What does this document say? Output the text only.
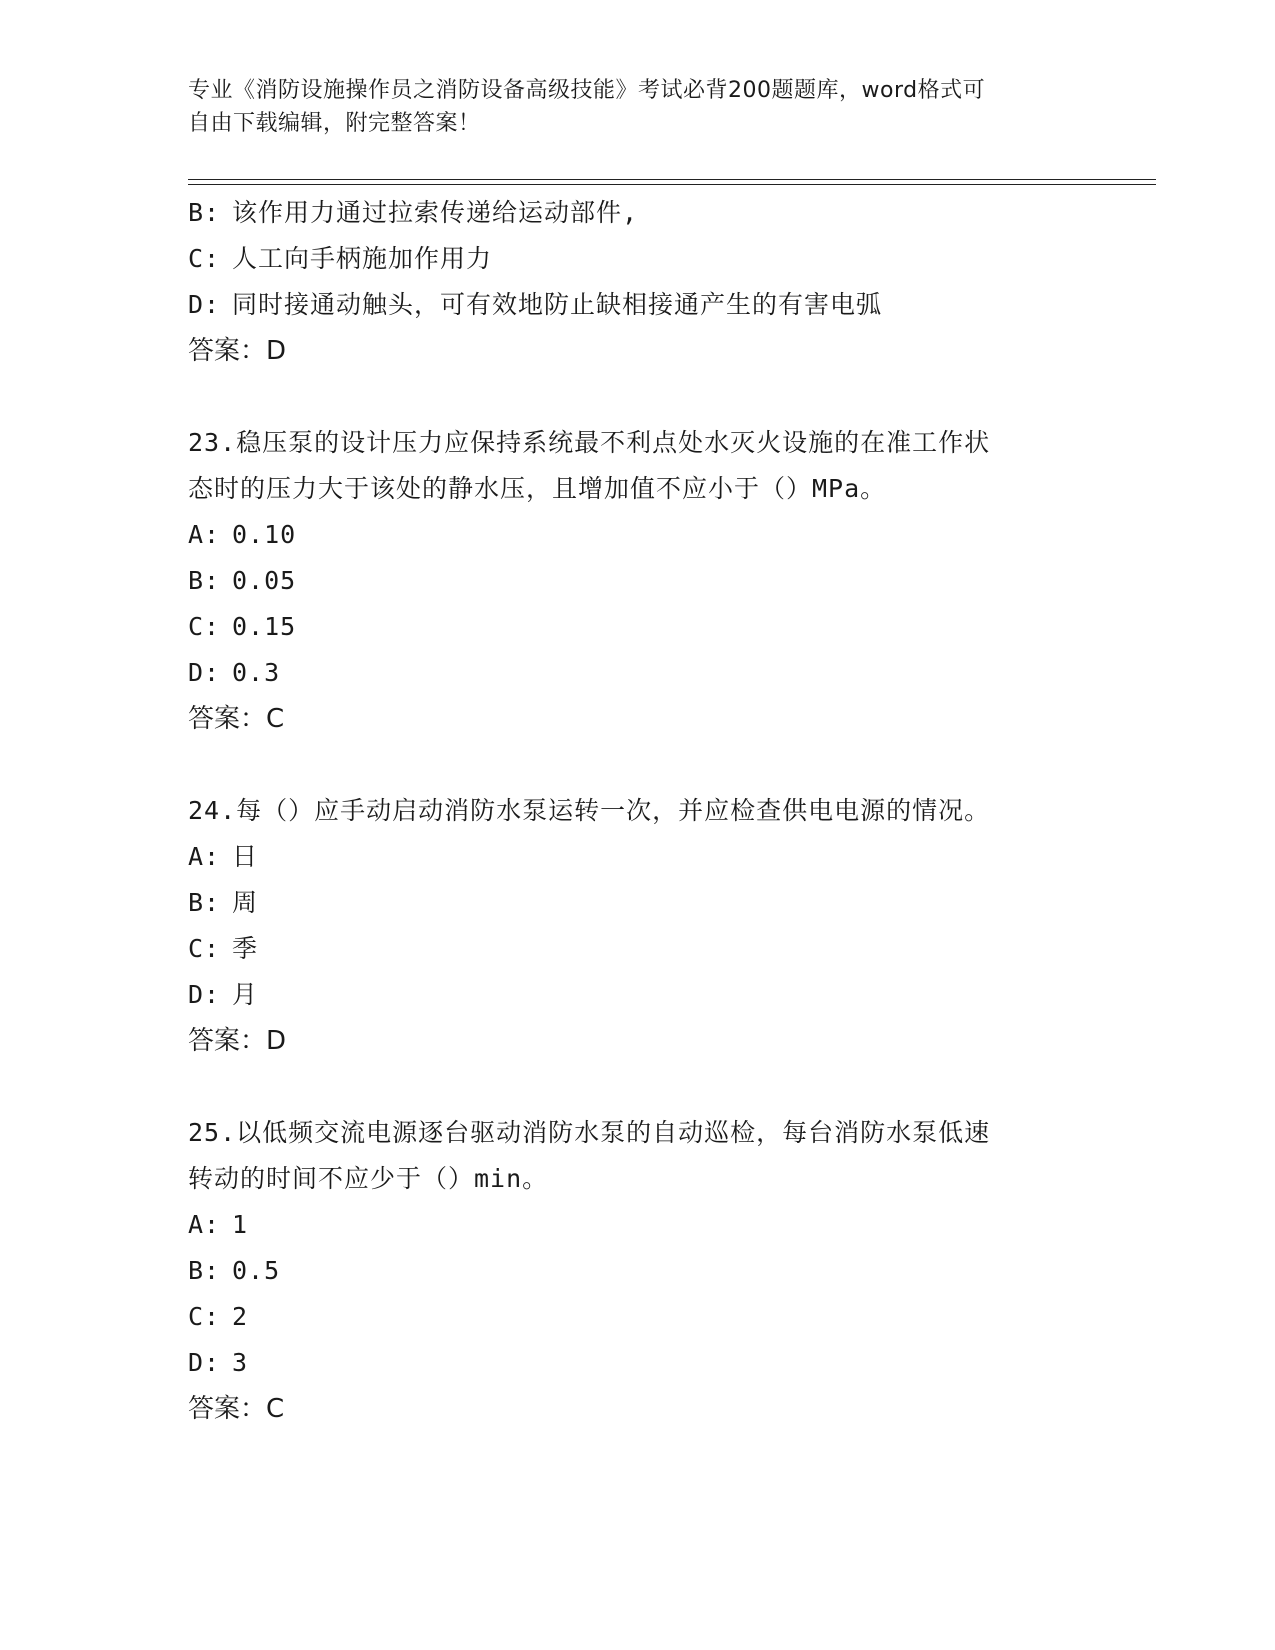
专业《消防设施操作员之消防设备高级技能》考试必背200题题库，word格式可
自由下载编辑，附完整答案！
B: 该作用力通过拉索传递给运动部件,
C: 人工向手柄施加作用力
D: 同时接通动触头，可有效地防止缺相接通产生的有害电弧
答案：D
23.稳压泵的设计压力应保持系统最不利点处水灭火设施的在准工作状
态时的压力大于该处的静水压，且增加值不应小于（）MPa。
A: 0.10
B: 0.05
C: 0.15
D: 0.3
答案：C
24.每（）应手动启动消防水泵运转一次，并应检查供电电源的情况。
A: 日
B: 周
C: 季
D: 月
答案：D
25.以低频交流电源逐台驱动消防水泵的自动巡检，每台消防水泵低速
转动的时间不应少于（）min。
A: 1
B: 0.5
C: 2
D: 3
答案：C
